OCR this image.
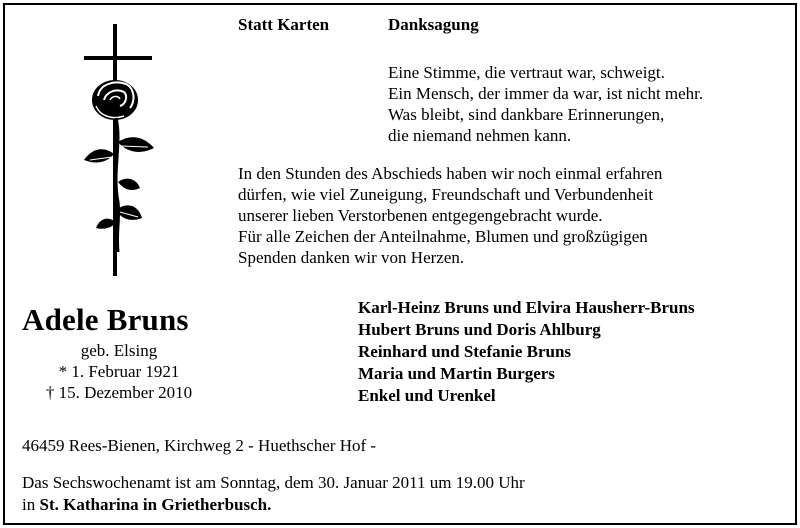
Statt Karten	Danksagung
Eine Stimme, die vertraut war, schweigt.
Ein Mensch, der immer da war, ist nicht mehr.
Was bleibt, sind dankbare Erinnerungen,
die niemand nehmen kann.
In den Stunden des Abschieds haben wir noch einmal erfahren
dürfen, wie viel Zuneigung, Freundschaft und Verbundenheit
unserer lieben Verstorbenen entgegengebracht wurde.
Für alle Zeichen der Anteilnahme, Blumen und großzügigen
Spenden danken wir von Herzen.
Adele Bruns
geb. Elsing
* 1. Februar 1921
† 15. Dezember 2010
Karl-Heinz Bruns und Elvira Hausherr-Bruns
Hubert Bruns und Doris Ahlburg
Reinhard und Stefanie Bruns
Maria und Martin Burgers
Enkel und Urenkel
46459 Rees-Bienen, Kirchweg 2 - Huethscher Hof -
Das Sechswochenamt ist am Sonntag, dem 30. Januar 2011 um 19.00 Uhr
in St. Katharina in Grietherbusch.
